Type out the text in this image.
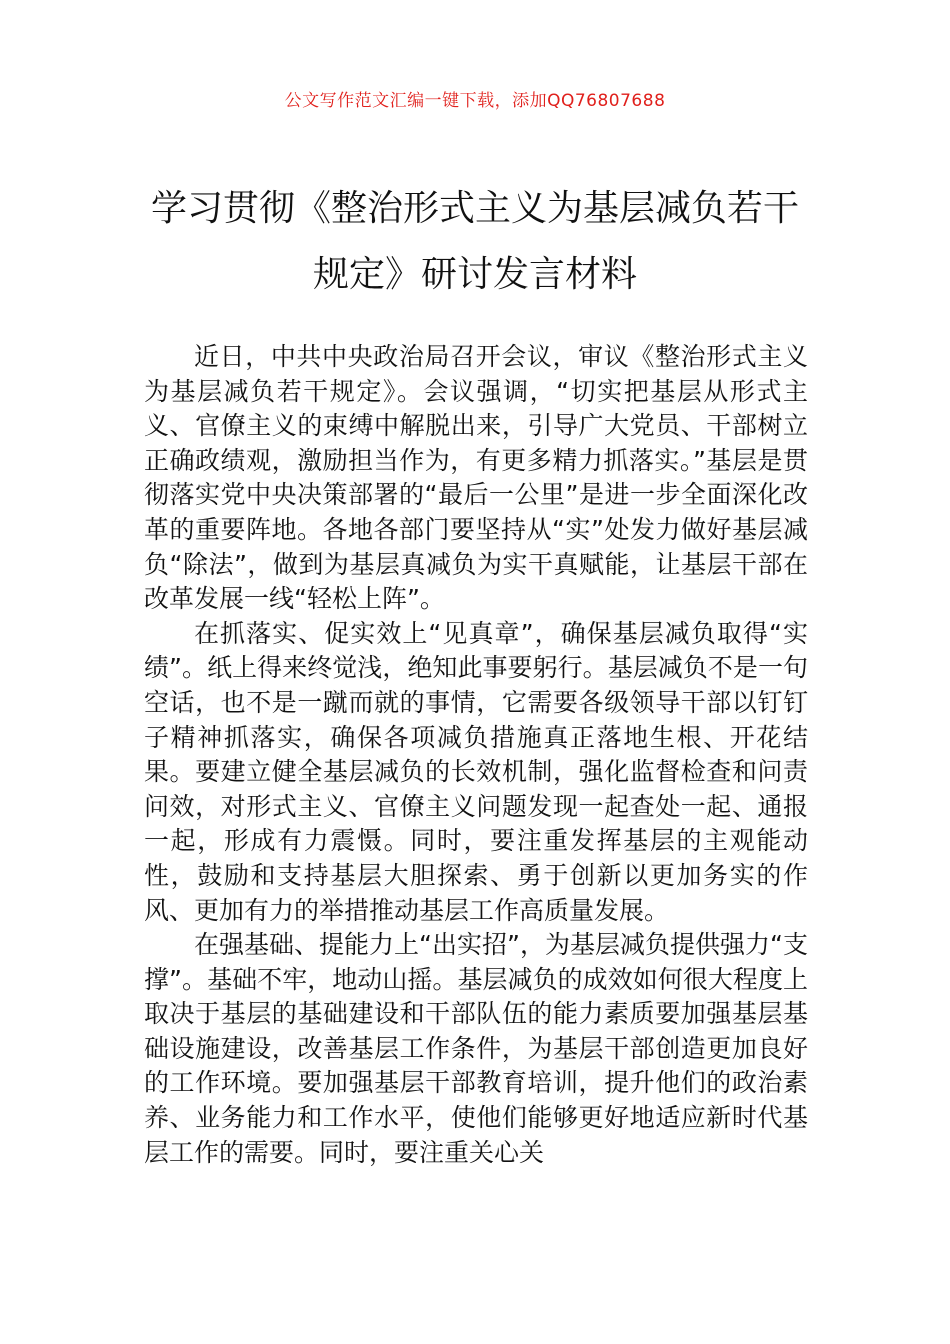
公文写作范文汇编一键下载，添加QQ76807688
学习贯彻《整治形式主义为基层减负若干
规定》研讨发言材料

近日，中共中央政治局召开会议，审议《整治形式主义为基层减负若干规定》。会议强调，“切实把基层从形式主义、官僚主义的束缚中解脱出来，引导广大党员、干部树立正确政绩观，激励担当作为，有更多精力抓落实。”基层是贯彻落实党中央决策部署的“最后一公里”是进一步全面深化改革的重要阵地。各地各部门要坚持从“实”处发力做好基层减负“除法”，做到为基层真减负为实干真赋能，让基层干部在改革发展一线“轻松上阵”。

在抓落实、促实效上“见真章”，确保基层减负取得“实绩”。纸上得来终觉浅，绝知此事要躬行。基层减负不是一句空话，也不是一蹴而就的事情，它需要各级领导干部以钉钉子精神抓落实，确保各项减负措施真正落地生根、开花结果。要建立健全基层减负的长效机制，强化监督检查和问责问效，对形式主义、官僚主义问题发现一起查处一起、通报一起，形成有力震慑。同时，要注重发挥基层的主观能动性，鼓励和支持基层大胆探索、勇于创新以更加务实的作风、更加有力的举措推动基层工作高质量发展。

在强基础、提能力上“出实招”，为基层减负提供强力“支撑”。基础不牢，地动山摇。基层减负的成效如何很大程度上取决于基层的基础建设和干部队伍的能力素质要加强基层基础设施建设，改善基层工作条件，为基层干部创造更加良好的工作环境。要加强基层干部教育培训，提升他们的政治素养、业务能力和工作水平，使他们能够更好地适应新时代基层工作的需要。同时，要注重关心关
